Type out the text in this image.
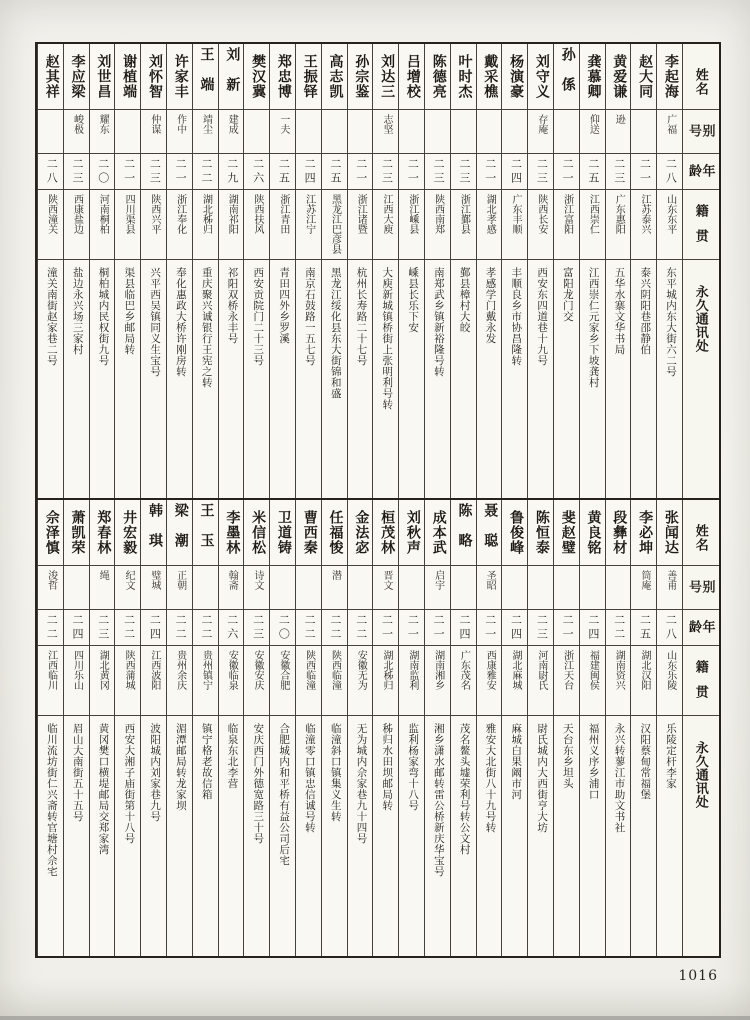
姓名
别号
年龄
籍贯
永久通讯处
李起海
广福
二八
山东东平
东平城内东大街六二号
赵大同
二一
江苏泰兴
泰兴阴阳巷邵静伯
黄爱谦
逊
二三
广东惠阳
五华水寨文华书局
龚慕卿
仰送
二五
江西崇仁
江西崇仁元家乡下坡龚村
孙係
二一
浙江富阳
富阳龙门交
刘守义
存庵
二三
陕西长安
西安东四道巷十九号
杨演豪
二四
广东丰顺
丰顺良乡市协昌隆转
戴采樵
二一
湖北孝感
孝感学门戴永发
叶时杰
二三
浙江鄞县
鄞县樟村大皎
陈德亮
二三
陕西南郑
南郑武乡镇新裕隆号转
吕增校
二一
浙江嵊县
嵊县长乐下安
刘达三
志坚
二三
江西大庾
大庾新城镇桥街上张明利号转
孙宗鉴
二一
浙江诸暨
杭州长寿路二十七号
高志凯
二五
黑龙江巴彦县
黑龙江绥化县东大街锦和盛
王振铎
二四
江苏江宁
南京石鼓路一五七号
郑忠博
一夫
二五
浙江青田
青田四外乡罗溪
樊汉冀
二六
陕西扶风
西安贡院门二十三号
刘新
建成
二九
湖南祁阳
祁阳双桥永丰号
王端
靖尘
二二
湖北秭归
重庆聚兴诚银行王宪之转
许家丰
作中
二一
浙江奉化
奉化惠政大桥许刚房转
刘怀智
仲谋
二三
陕西兴平
兴平西吴镇同义生宝号
谢植端
二一
四川渠县
渠县临巴乡邮局转
刘世昌
耀东
二〇
河南桐柏
桐柏城内民权街九号
李应梁
峻极
二三
西康盐边
盐边永兴场三家村
赵其祥
二八
陕西潼关
潼关南街赵家巷二号
姓名
别号
年龄
籍贯
永久通讯处
张闻达
善甫
二八
山东乐陵
乐陵定杆李家
李必坤
筒庵
二五
湖北汉阳
汉阳蔡甸常福堡
段彝材
二二
湖南资兴
永兴转蓼江市助文书社
黄良铭
二四
福建闽侯
福州义序乡浦口
斐赵璧
二一
浙江天台
天台东乡坦头
陈恒泰
二三
河南尉氏
尉氏城内大西街亨大坊
鲁俊峰
二四
湖北麻城
麻城白果阚市河
聂聪
圣昭
二一
西康雅安
雅安大北街八十九号转
陈略
二四
广东茂名
茂名鳌头墟荣利号转公文村
成本武
启宇
二一
湖南湘乡
湘乡潇水邮转雷公桥新庆华宝号
刘秋声
二一
湖南监利
监利杨家弯十八号
桓茂林
晋文
二一
湖北秭归
秭归水田坝邮局转
金法宓
二二
安徽无为
无为城内佘家巷九十四号
任福悛
潜
二二
陕西临潼
临潼斜口镇集义生转
曹西秦
二二
陕西临潼
临潼零口镇忠信诚号转
卫道铸
二〇
安徽合肥
合肥城内和平桥有益公司后宅
米信松
诗文
二三
安徽安庆
安庆西门外德宽路三十号
李墨林
翰斋
二六
安徽临泉
临泉东北李营
王玉
二二
贵州镇宁
镇宁格老故信箱
梁潮
正朝
二二
贵州余庆
湄潭邮局转龙家坝
韩琪
璧城
二四
江西波阳
波阳城内刘家巷九号
井宏毅
纪文
二二
陕西蒲城
西安大湘子庙街第十八号
郑春林
绳
二三
湖北黄冈
黄冈樊口横堤邮局交郑家湾
萧凯荣
二四
四川乐山
眉山大南街五十五号
佘泽慎
浚哲
二二
江西临川
临川流坊街仁兴斋转官塘村佘宅
1016
